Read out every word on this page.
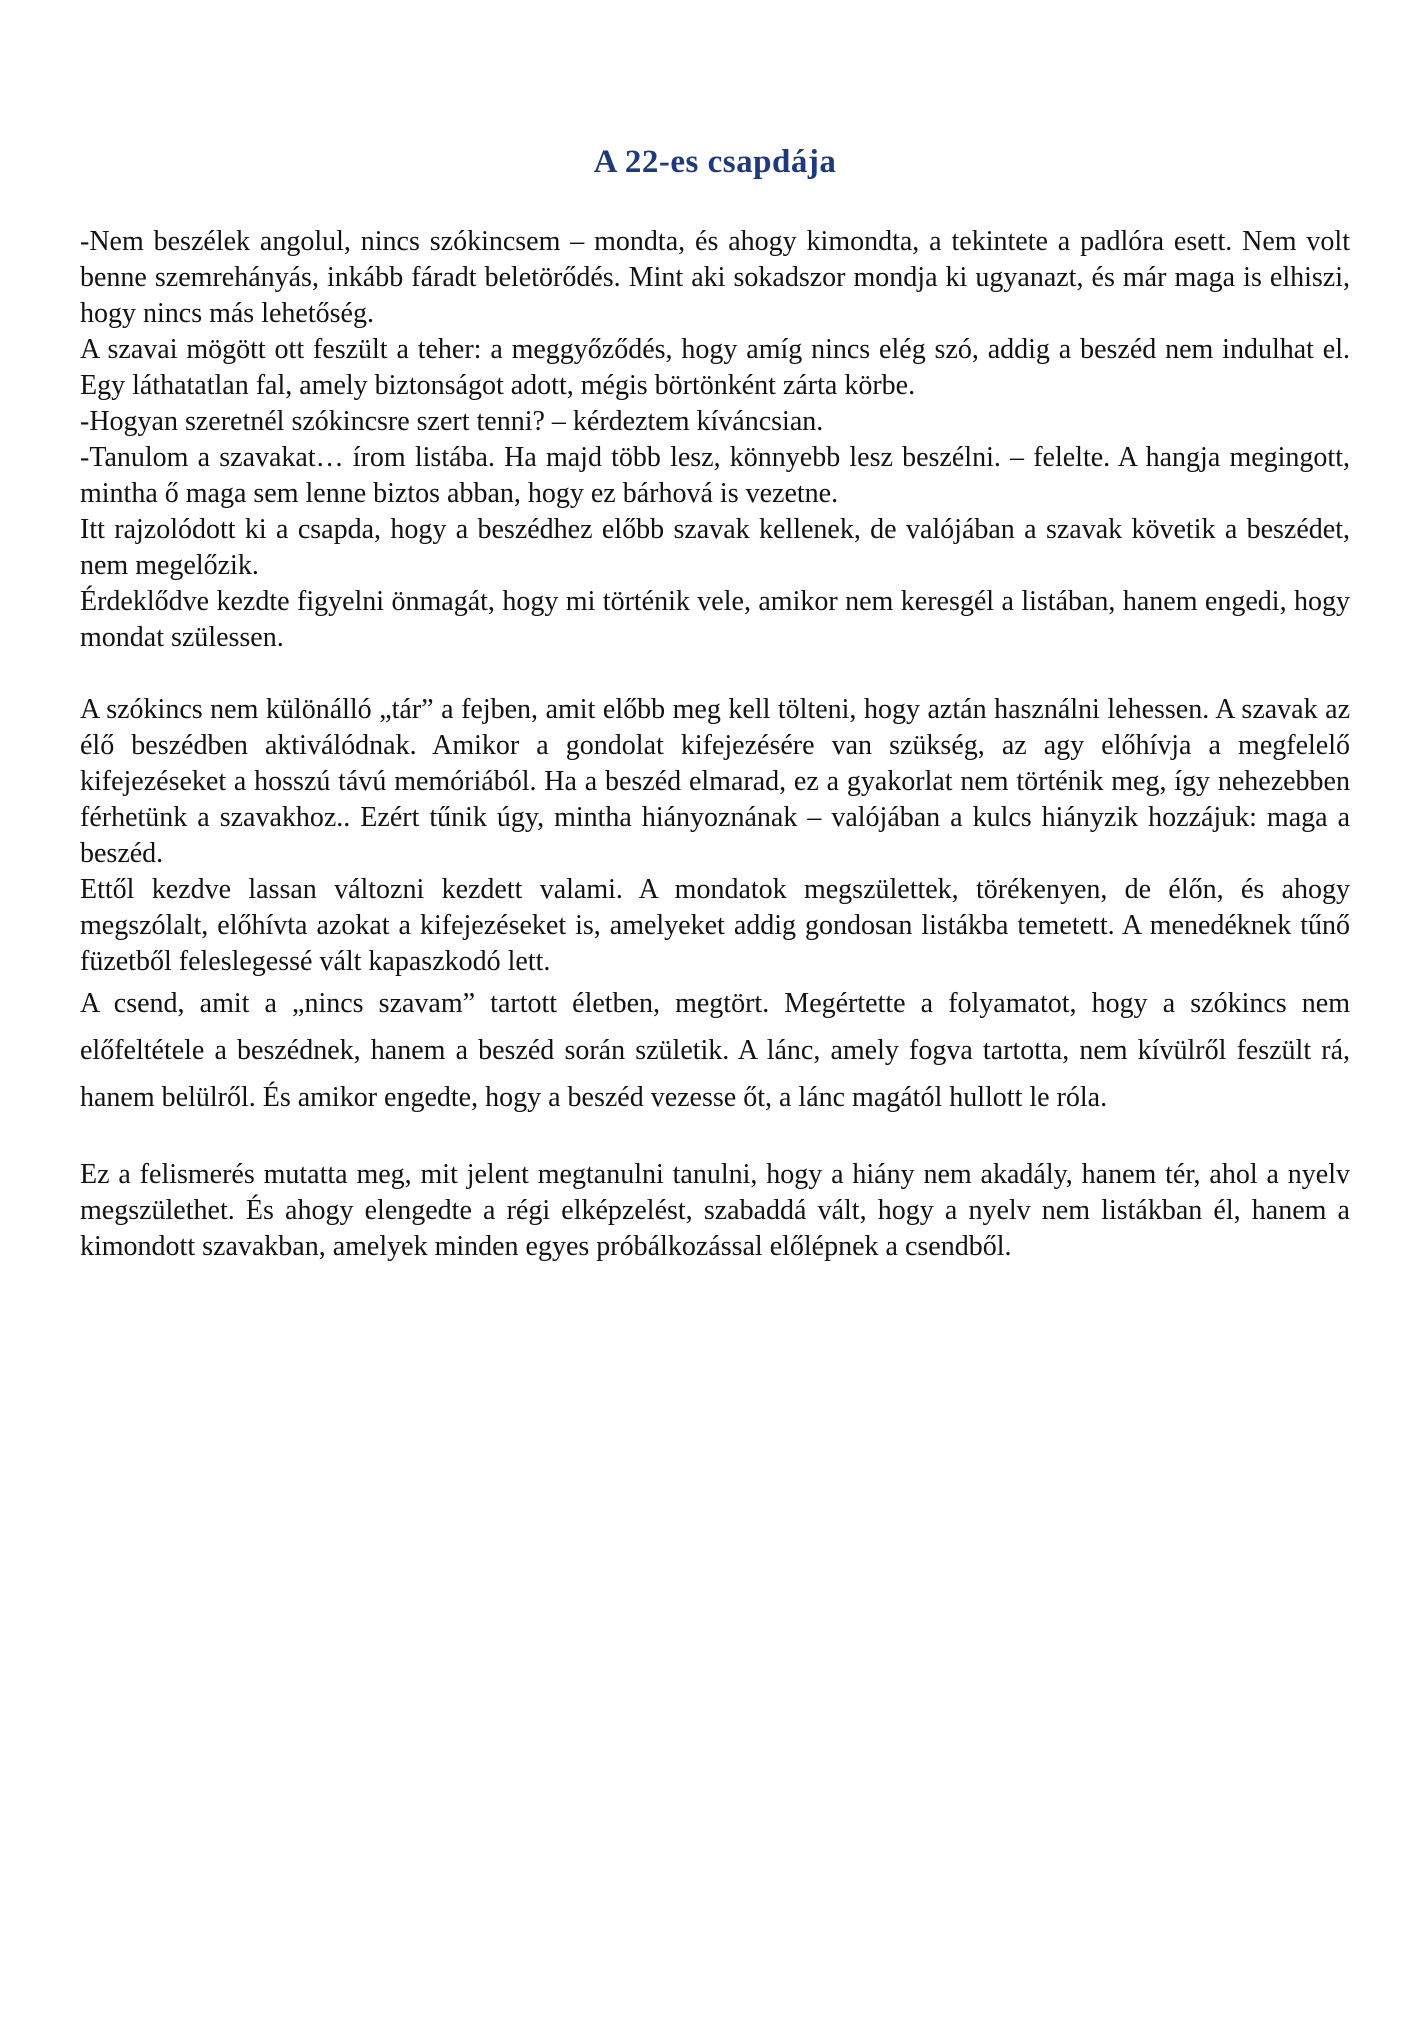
A 22-es csapdája

-Nem beszélek angolul, nincs szókincsem – mondta, és ahogy kimondta, a tekintete a padlóra esett. Nem volt benne szemrehányás, inkább fáradt beletörődés. Mint aki sokadszor mondja ki ugyanazt, és már maga is elhiszi, hogy nincs más lehetőség.

A szavai mögött ott feszült a teher: a meggyőződés, hogy amíg nincs elég szó, addig a beszéd nem indulhat el. Egy láthatatlan fal, amely biztonságot adott, mégis börtönként zárta körbe.

-Hogyan szeretnél szókincsre szert tenni? – kérdeztem kíváncsian.

-Tanulom a szavakat… írom listába. Ha majd több lesz, könnyebb lesz beszélni. – felelte. A hangja megingott, mintha ő maga sem lenne biztos abban, hogy ez bárhová is vezetne.

Itt rajzolódott ki a csapda, hogy a beszédhez előbb szavak kellenek, de valójában a szavak követik a beszédet, nem megelőzik.

Érdeklődve kezdte figyelni önmagát, hogy mi történik vele, amikor nem keresgél a listában, hanem engedi, hogy mondat szülessen.

A szókincs nem különálló „tár” a fejben, amit előbb meg kell tölteni, hogy aztán használni lehessen. A szavak az élő beszédben aktiválódnak. Amikor a gondolat kifejezésére van szükség, az agy előhívja a megfelelő kifejezéseket a hosszú távú memóriából. Ha a beszéd elmarad, ez a gyakorlat nem történik meg, így nehezebben férhetünk a szavakhoz.. Ezért tűnik úgy, mintha hiányoznának – valójában a kulcs hiányzik hozzájuk: maga a beszéd.

Ettől kezdve lassan változni kezdett valami. A mondatok megszülettek, törékenyen, de élőn, és ahogy megszólalt, előhívta azokat a kifejezéseket is, amelyeket addig gondosan listákba temetett. A menedéknek tűnő füzetből feleslegessé vált kapaszkodó lett.

A csend, amit a „nincs szavam” tartott életben, megtört. Megértette a folyamatot, hogy a szókincs nem előfeltétele a beszédnek, hanem a beszéd során születik. A lánc, amely fogva tartotta, nem kívülről feszült rá, hanem belülről. És amikor engedte, hogy a beszéd vezesse őt, a lánc magától hullott le róla.

Ez a felismerés mutatta meg, mit jelent megtanulni tanulni, hogy a hiány nem akadály, hanem tér, ahol a nyelv megszülethet. És ahogy elengedte a régi elképzelést, szabaddá vált, hogy a nyelv nem listákban él, hanem a kimondott szavakban, amelyek minden egyes próbálkozással előlépnek a csendből.
